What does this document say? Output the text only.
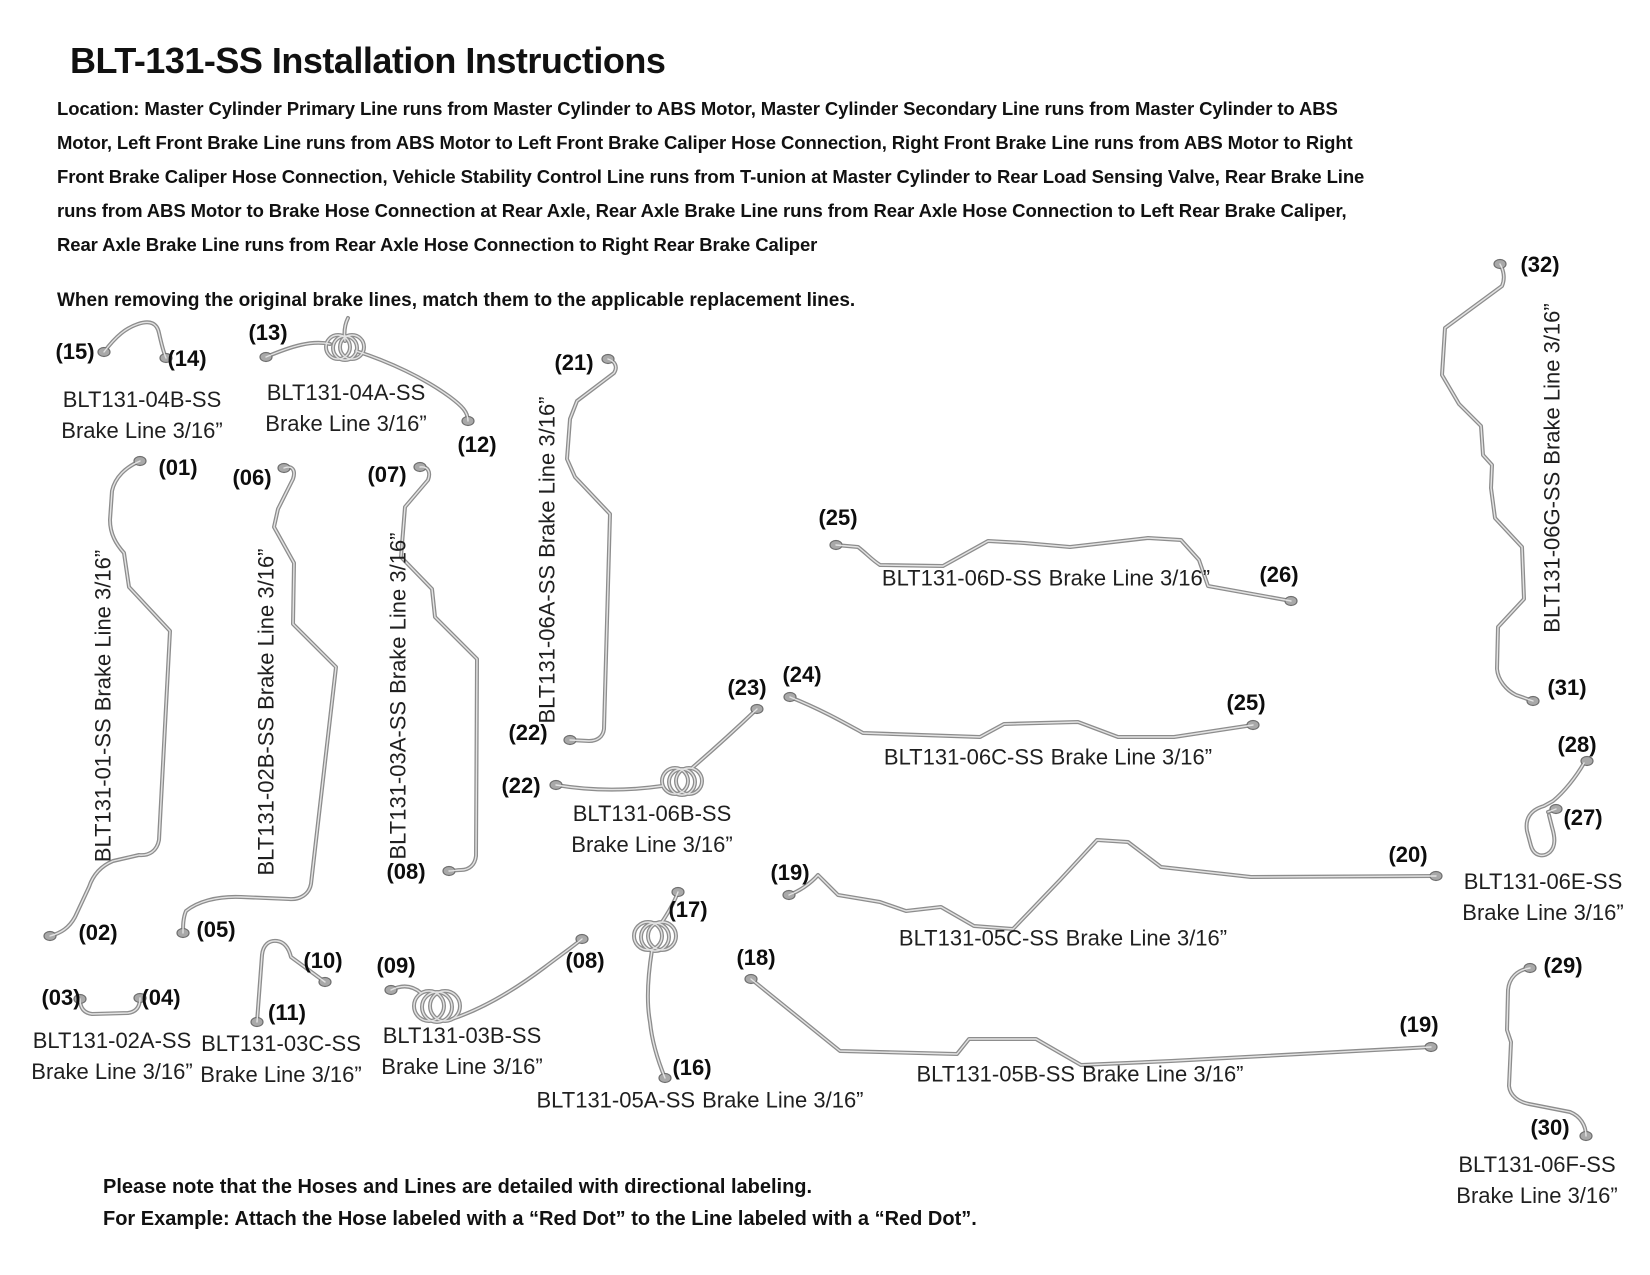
BLT-131-SS Installation Instructions
Location: Master Cylinder Primary Line runs from Master Cylinder to ABS Motor, Master Cylinder Secondary Line runs from Master Cylinder to ABS
Motor, Left Front Brake Line runs from ABS Motor to Left Front Brake Caliper Hose Connection, Right Front Brake Line runs from ABS Motor to Right
Front Brake Caliper Hose Connection, Vehicle Stability Control Line runs from T-union at Master Cylinder to Rear Load Sensing Valve, Rear Brake Line
runs from ABS Motor to Brake Hose Connection at Rear Axle, Rear Axle Brake Line runs from Rear Axle Hose Connection to Left Rear Brake Caliper,
Rear Axle Brake Line runs from Rear Axle Hose Connection to Right Rear Brake Caliper
When removing the original brake lines, match them to the applicable replacement lines.
(15)	(14)
(13)
(12)
(01) (06)	(07)
(21)
(32)
(25)
(26)
(24)
(23)
(25)
(31)
(28)
(27)
(22)
(22)
(08)	(19)
(20)
(02)	(05)
(17)
(18)
(08)
(10) (09)
(03)	(04)
(11)
(29)
(19)
(16)
(30)
BLT131-04B-SS
Brake Line 3/16”
BLT131-04A-SS
Brake Line 3/16”
BLT131-01-SSBrake Line 3/16”
BLT131-02B-SSBrake Line 3/16”
BLT131-03A-SSBrake Line 3/16”	BLT131-06A-SSBrake Line 3/16”	BLT131-06G-SSBrake Line 3/16”
BLT131-06D-SS Brake Line 3/16”
BLT131-06C-SS Brake Line 3/16”
BLT131-06B-SS
Brake Line 3/16”
BLT131-05C-SS Brake Line 3/16”
BLT131-05B-SS Brake Line 3/16”
BLT131-05A-SS Brake Line 3/16”
BLT131-02A-SS
Brake Line 3/16”
BLT131-03C-SS
Brake Line 3/16”
BLT131-03B-SS
Brake Line 3/16”
BLT131-06E-SS
Brake Line 3/16”
BLT131-06F-SS
Brake Line 3/16”
Please note that the Hoses and Lines are detailed with directional labeling.
For Example: Attach the Hose labeled with a “Red Dot” to the Line labeled with a “Red Dot”.
